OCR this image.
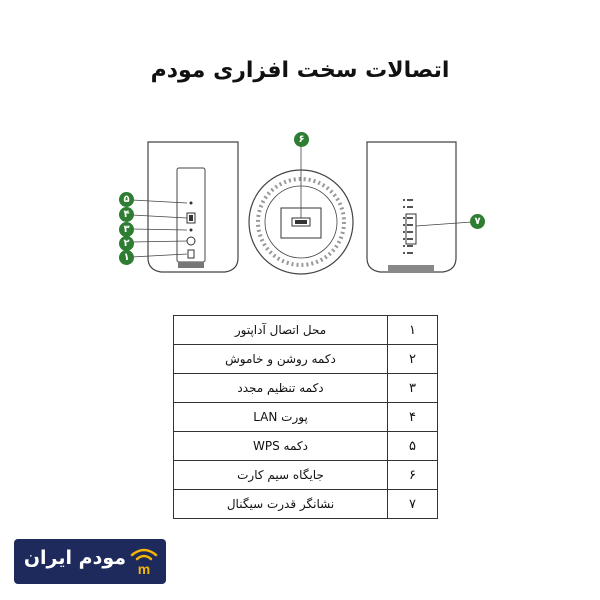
اتصالات سخت افزاری مودم
۵
۴
۳
۲
۱
۶
۷
۱	محل اتصال آداپتور
۲	دکمه روشن و خاموش
۳	دکمه تنظیم مجدد
۴	پورت LAN
۵	دکمه WPS
۶	جایگاه سیم کارت
۷	نشانگر قدرت سیگنال
مودم ایران m
